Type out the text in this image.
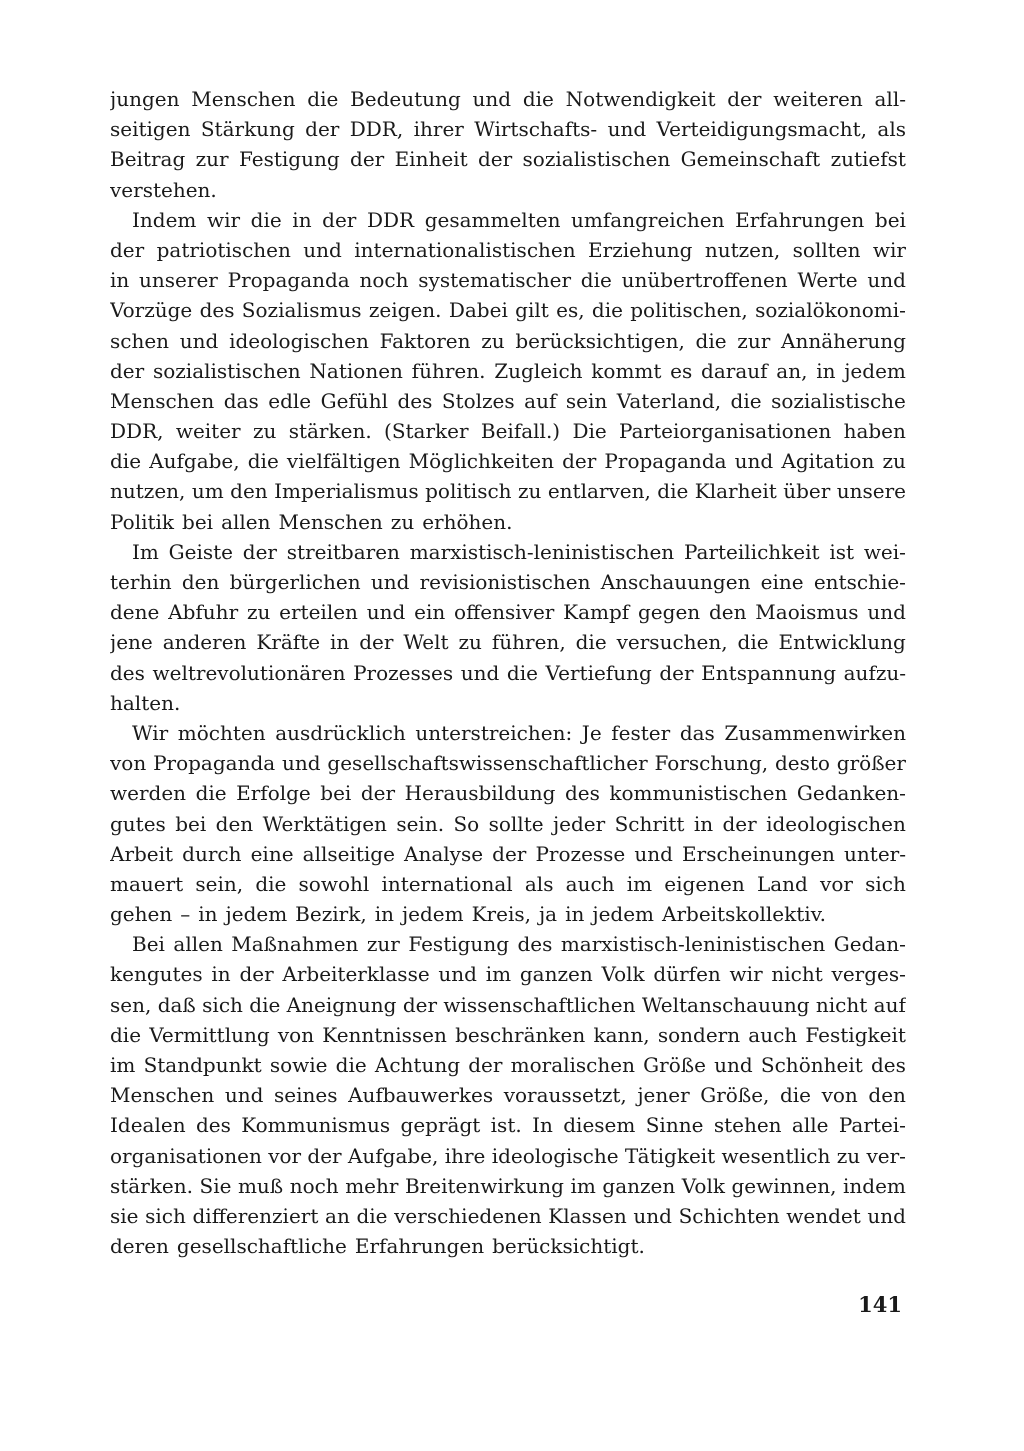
jungen Menschen die Bedeutung und die Notwendigkeit der weiteren all-
seitigen Stärkung der DDR, ihrer Wirtschafts- und Verteidigungsmacht, als
Beitrag zur Festigung der Einheit der sozialistischen Gemeinschaft zutiefst
verstehen.
Indem wir die in der DDR gesammelten umfangreichen Erfahrungen bei
der patriotischen und internationalistischen Erziehung nutzen, sollten wir
in unserer Propaganda noch systematischer die unübertroffenen Werte und
Vorzüge des Sozialismus zeigen. Dabei gilt es, die politischen, sozialökonomi-
schen und ideologischen Faktoren zu berücksichtigen, die zur Annäherung
der sozialistischen Nationen führen. Zugleich kommt es darauf an, in jedem
Menschen das edle Gefühl des Stolzes auf sein Vaterland, die sozialistische
DDR, weiter zu stärken. (Starker Beifall.) Die Parteiorganisationen haben
die Aufgabe, die vielfältigen Möglichkeiten der Propaganda und Agitation zu
nutzen, um den Imperialismus politisch zu entlarven, die Klarheit über unsere
Politik bei allen Menschen zu erhöhen.
Im Geiste der streitbaren marxistisch-leninistischen Parteilichkeit ist wei-
terhin den bürgerlichen und revisionistischen Anschauungen eine entschie-
dene Abfuhr zu erteilen und ein offensiver Kampf gegen den Maoismus und
jene anderen Kräfte in der Welt zu führen, die versuchen, die Entwicklung
des weltrevolutionären Prozesses und die Vertiefung der Entspannung aufzu-
halten.
Wir möchten ausdrücklich unterstreichen: Je fester das Zusammenwirken
von Propaganda und gesellschaftswissenschaftlicher Forschung, desto größer
werden die Erfolge bei der Herausbildung des kommunistischen Gedanken-
gutes bei den Werktätigen sein. So sollte jeder Schritt in der ideologischen
Arbeit durch eine allseitige Analyse der Prozesse und Erscheinungen unter-
mauert sein, die sowohl international als auch im eigenen Land vor sich
gehen – in jedem Bezirk, in jedem Kreis, ja in jedem Arbeitskollektiv.
Bei allen Maßnahmen zur Festigung des marxistisch-leninistischen Gedan-
kengutes in der Arbeiterklasse und im ganzen Volk dürfen wir nicht verges-
sen, daß sich die Aneignung der wissenschaftlichen Weltanschauung nicht auf
die Vermittlung von Kenntnissen beschränken kann, sondern auch Festigkeit
im Standpunkt sowie die Achtung der moralischen Größe und Schönheit des
Menschen und seines Aufbauwerkes voraussetzt, jener Größe, die von den
Idealen des Kommunismus geprägt ist. In diesem Sinne stehen alle Partei-
organisationen vor der Aufgabe, ihre ideologische Tätigkeit wesentlich zu ver-
stärken. Sie muß noch mehr Breitenwirkung im ganzen Volk gewinnen, indem
sie sich differenziert an die verschiedenen Klassen und Schichten wendet und
deren gesellschaftliche Erfahrungen berücksichtigt.
141
